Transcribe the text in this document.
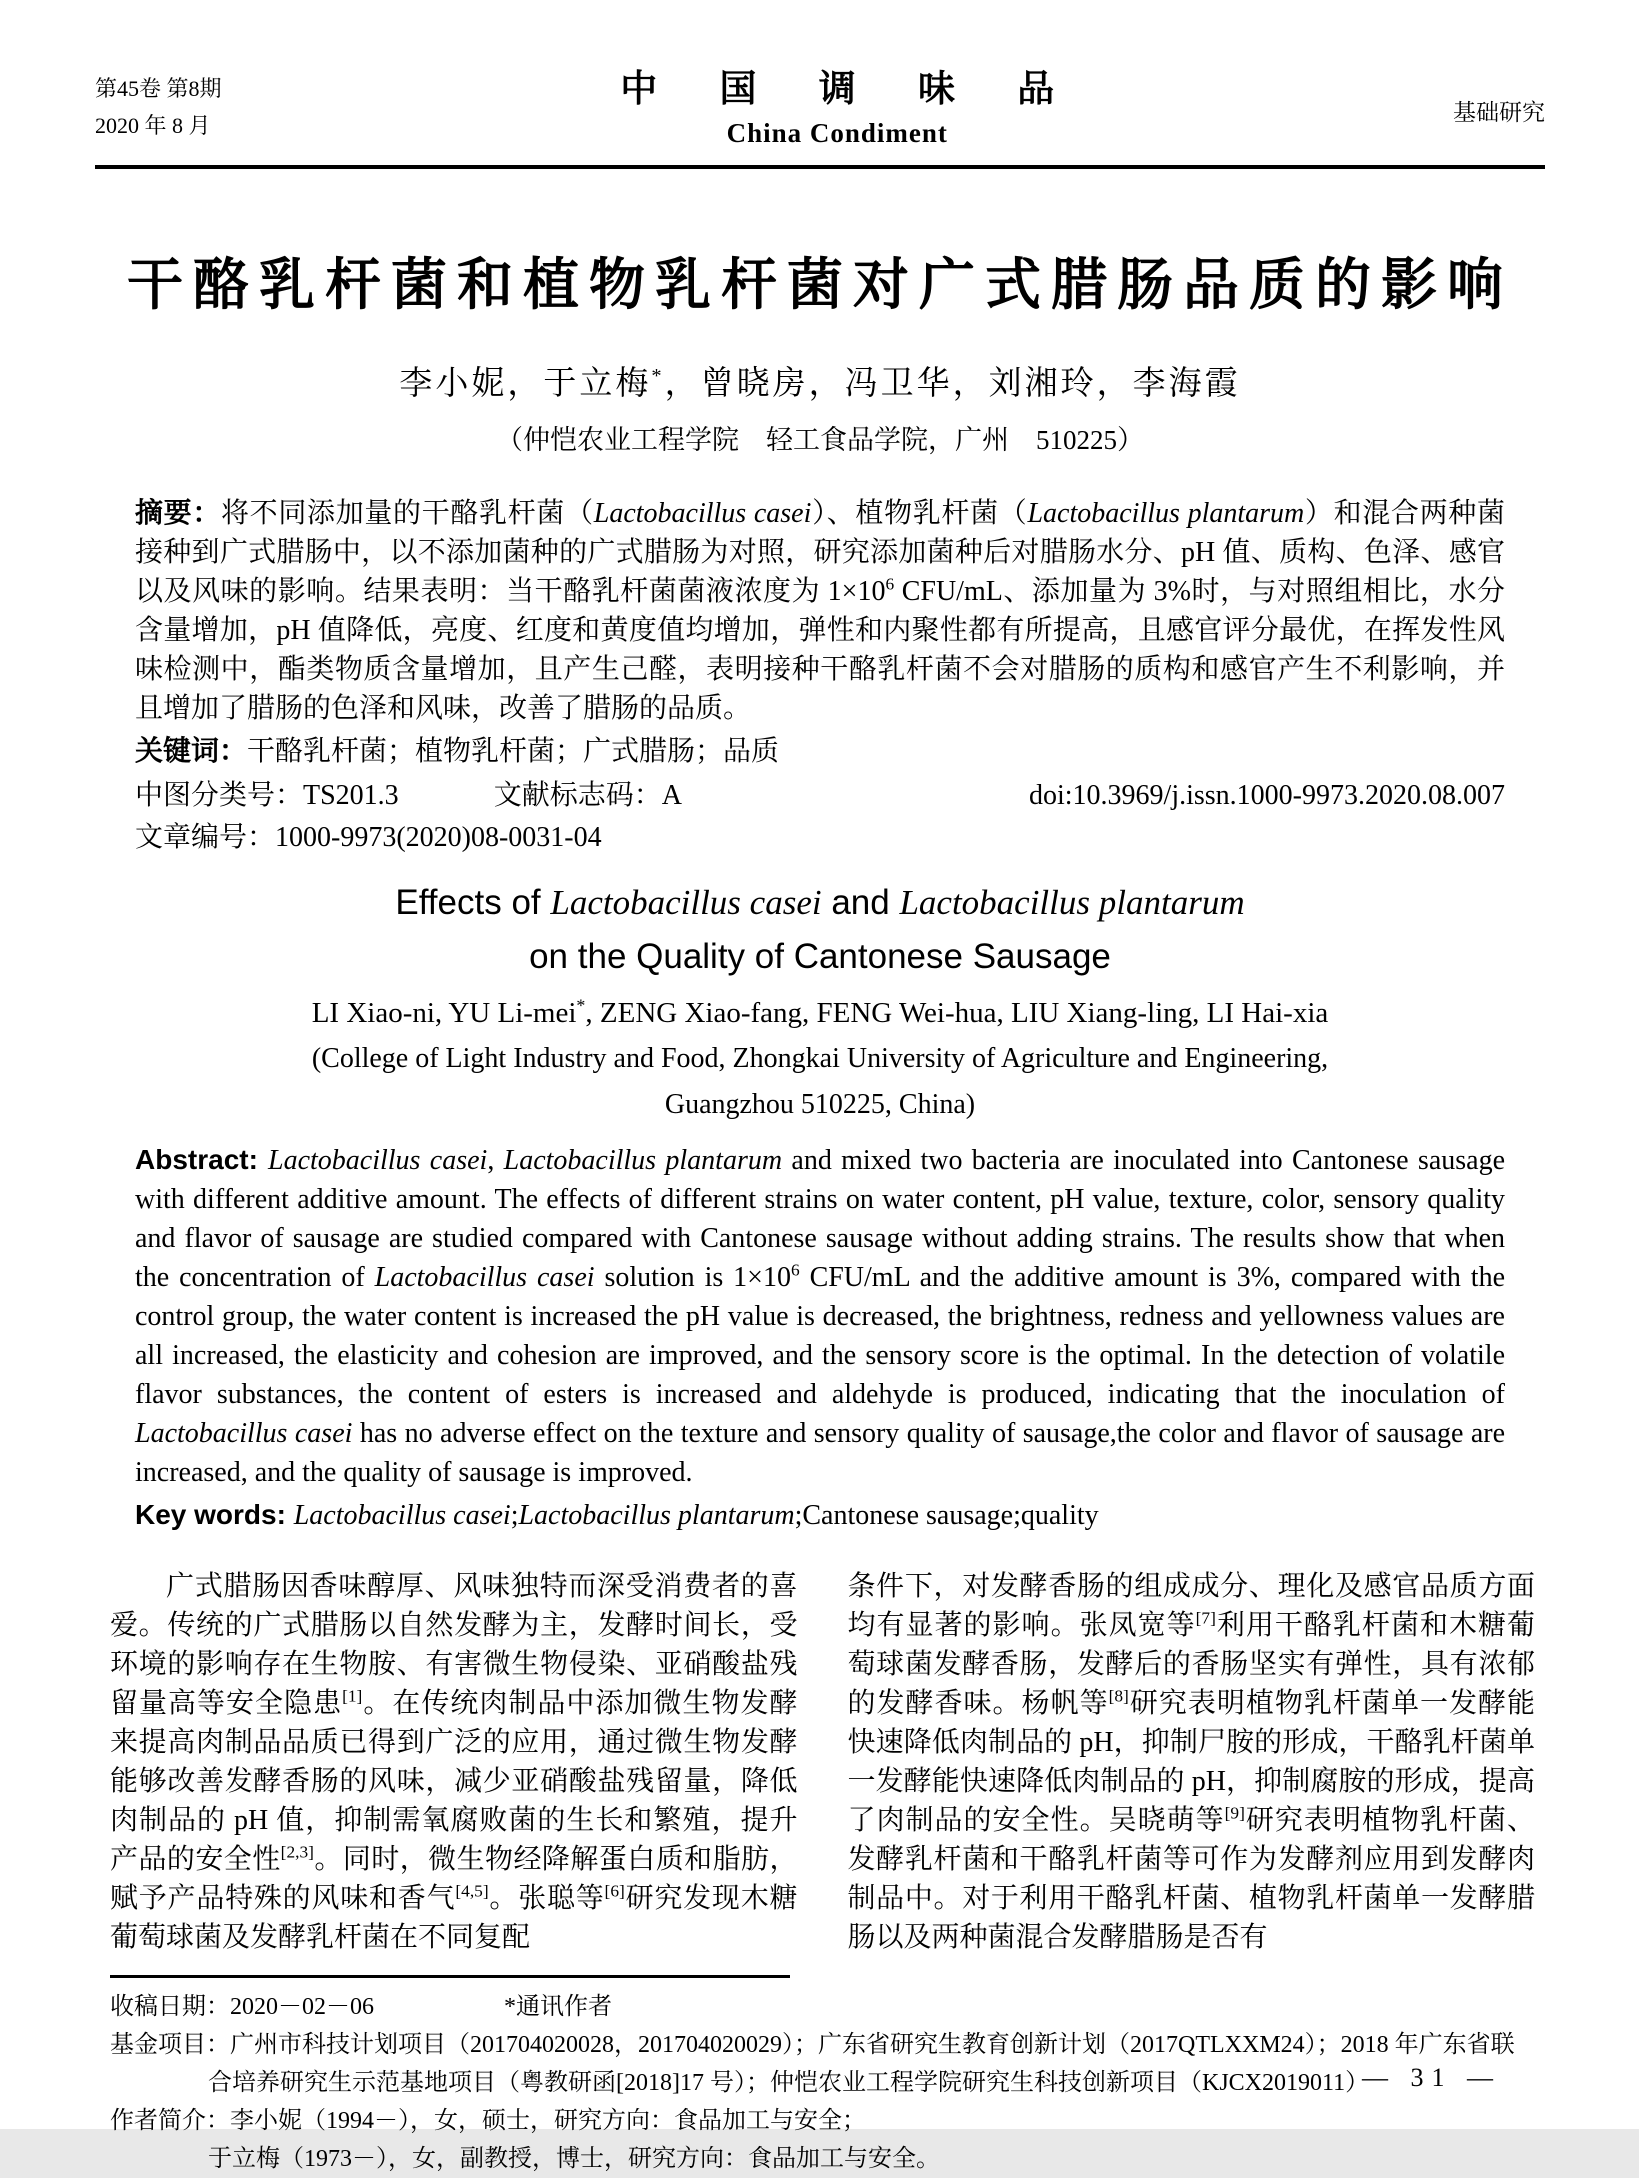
第45卷 第8期
2020 年 8 月
中 国 调 味 品
China Condiment
基础研究
干酪乳杆菌和植物乳杆菌对广式腊肠品质的影响
李小妮，于立梅*，曾晓房，冯卫华，刘湘玲，李海霞
（仲恺农业工程学院　轻工食品学院，广州　510225）
摘要：将不同添加量的干酪乳杆菌（Lactobacillus casei）、植物乳杆菌（Lactobacillus plantarum）和混合两种菌接种到广式腊肠中，以不添加菌种的广式腊肠为对照，研究添加菌种后对腊肠水分、pH 值、质构、色泽、感官以及风味的影响。结果表明：当干酪乳杆菌菌液浓度为 $1\times 10^6$ CFU/mL、添加量为 3%时，与对照组相比，水分含量增加，pH 值降低，亮度、红度和黄度值均增加，弹性和内聚性都有所提高，且感官评分最优，在挥发性风味检测中，酯类物质含量增加，且产生己醛，表明接种干酪乳杆菌不会对腊肠的质构和感官产生不利影响，并且增加了腊肠的色泽和风味，改善了腊肠的品质。
关键词：干酪乳杆菌；植物乳杆菌；广式腊肠；品质
中图分类号：TS201.3	文献标志码：A	doi:10.3969/j.issn.1000-9973.2020.08.007
文章编号：1000-9973(2020)08-0031-04
Effects of Lactobacillus casei and Lactobacillus plantarum
on the Quality of Cantonese Sausage
LI Xiao-ni, YU Li-mei*, ZENG Xiao-fang, FENG Wei-hua, LIU Xiang-ling, LI Hai-xia
(College of Light Industry and Food, Zhongkai University of Agriculture and Engineering,
Guangzhou 510225, China)
Abstract: Lactobacillus casei, Lactobacillus plantarum and mixed two bacteria are inoculated into Cantonese sausage with different additive amount. The effects of different strains on water content, pH value, texture, color, sensory quality and flavor of sausage are studied compared with Cantonese sausage without adding strains. The results show that when the concentration of Lactobacillus casei solution is $1\times 10^6$ CFU/mL and the additive amount is 3%, compared with the control group, the water content is increased the pH value is decreased, the brightness, redness and yellowness values are all increased, the elasticity and cohesion are improved, and the sensory score is the optimal. In the detection of volatile flavor substances, the content of esters is increased and aldehyde is produced, indicating that the inoculation of Lactobacillus casei has no adverse effect on the texture and sensory quality of sausage,the color and flavor of sausage are increased, and the quality of sausage is improved.
Key words: Lactobacillus casei;Lactobacillus plantarum;Cantonese sausage;quality

广式腊肠因香味醇厚、风味独特而深受消费者的喜爱。传统的广式腊肠以自然发酵为主，发酵时间长，受环境的影响存在生物胺、有害微生物侵染、亚硝酸盐残留量高等安全隐患[1]。在传统肉制品中添加微生物发酵来提高肉制品品质已得到广泛的应用，通过微生物发酵能够改善发酵香肠的风味，减少亚硝酸盐残留量，降低肉制品的 pH 值，抑制需氧腐败菌的生长和繁殖，提升产品的安全性[2,3]。同时，微生物经降解蛋白质和脂肪，赋予产品特殊的风味和香气[4,5]。张聪等[6]研究发现木糖葡萄球菌及发酵乳杆菌在不同复配

条件下，对发酵香肠的组成成分、理化及感官品质方面均有显著的影响。张凤宽等[7]利用干酪乳杆菌和木糖葡萄球菌发酵香肠，发酵后的香肠坚实有弹性，具有浓郁的发酵香味。杨帆等[8]研究表明植物乳杆菌单一发酵能快速降低肉制品的 pH，抑制尸胺的形成，干酪乳杆菌单一发酵能快速降低肉制品的 pH，抑制腐胺的形成，提高了肉制品的安全性。吴晓萌等[9]研究表明植物乳杆菌、发酵乳杆菌和干酪乳杆菌等可作为发酵剂应用到发酵肉制品中。对于利用干酪乳杆菌、植物乳杆菌单一发酵腊肠以及两种菌混合发酵腊肠是否有

收稿日期：2020－02－06	*通讯作者
基金项目：广州市科技计划项目（201704020028，201704020029）；广东省研究生教育创新计划（2017QTLXXM24）；2018 年广东省联
合培养研究生示范基地项目（粤教研函[2018]17 号）；仲恺农业工程学院研究生科技创新项目（KJCX2019011）
作者简介：李小妮（1994－），女，硕士，研究方向：食品加工与安全；
于立梅（1973－），女，副教授，博士，研究方向：食品加工与安全。
— 31 —
